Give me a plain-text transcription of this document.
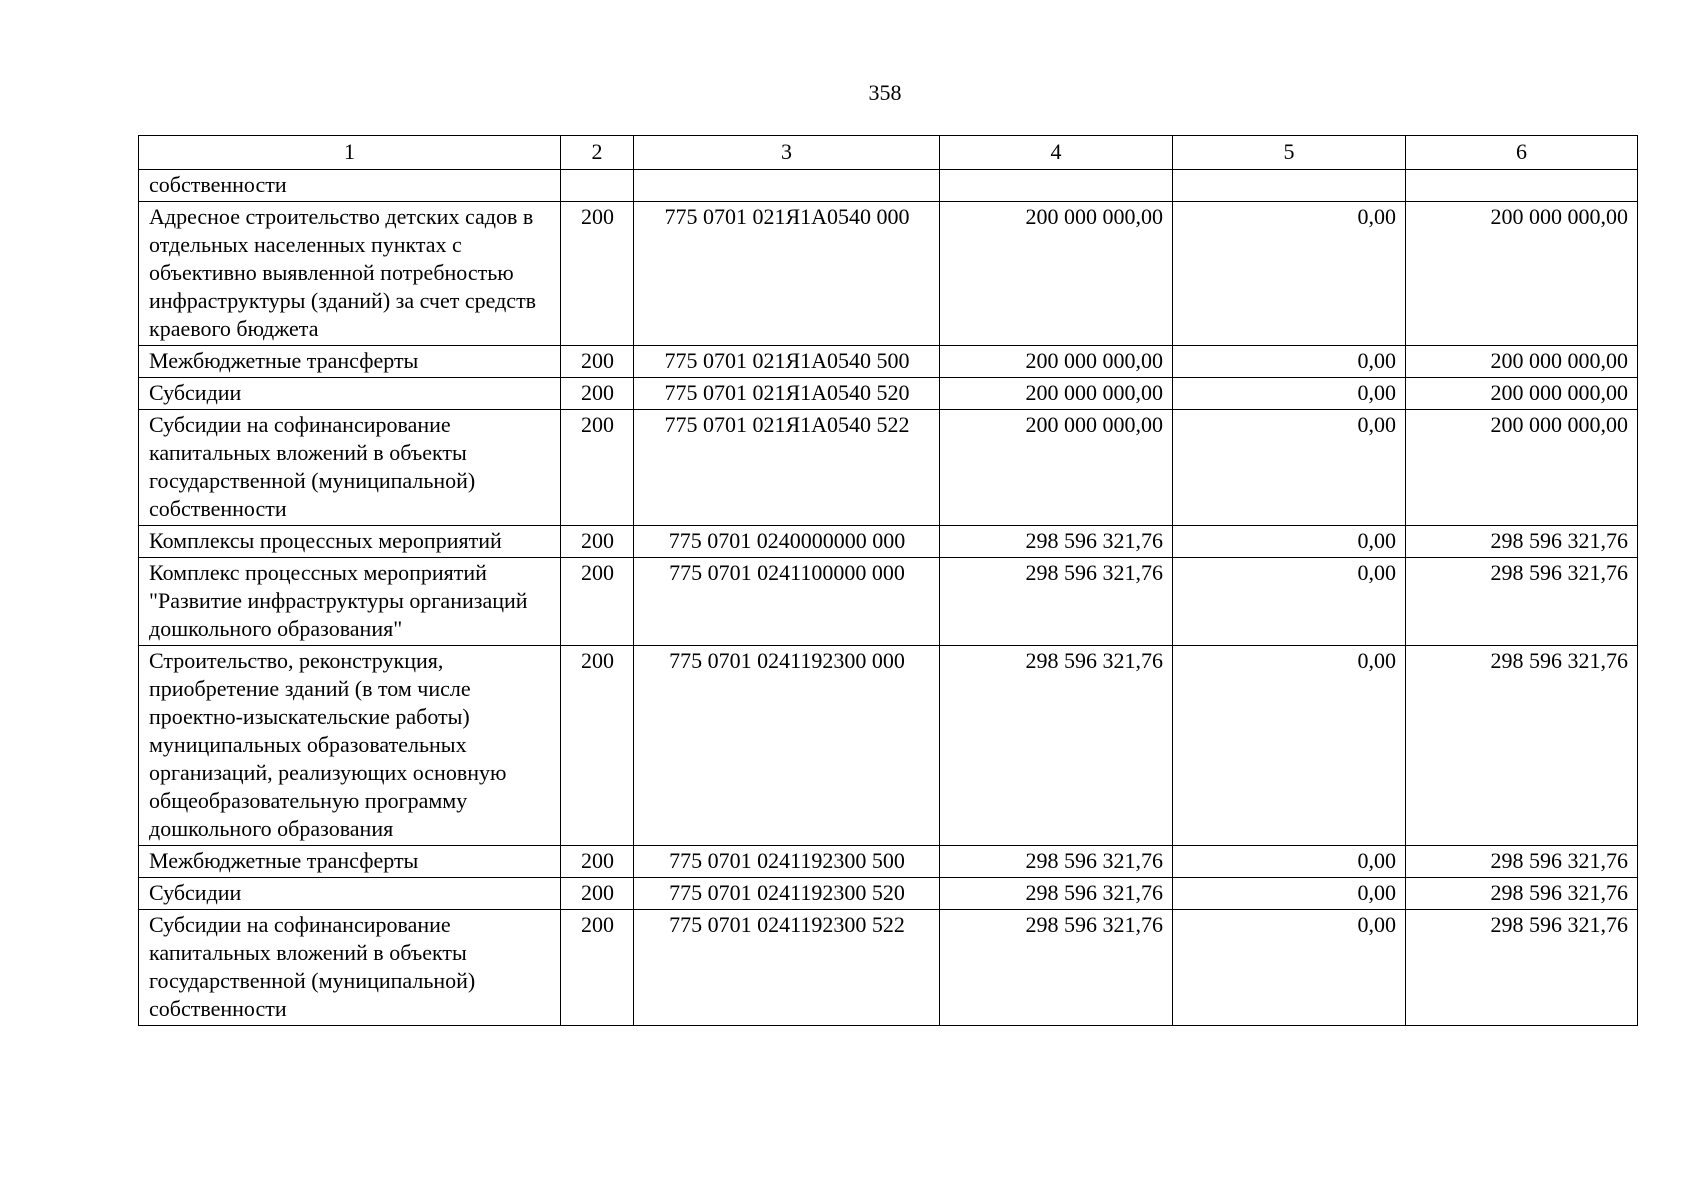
358
1	2	3	4	5	6
собственности					
Адресное строительство детских садов в отдельных населенных пунктах с объективно выявленной потребностью инфраструктуры (зданий) за счет средств краевого бюджета	200	775 0701 021Я1А0540 000	200 000 000,00	0,00	200 000 000,00
Межбюджетные трансферты	200	775 0701 021Я1А0540 500	200 000 000,00	0,00	200 000 000,00
Субсидии	200	775 0701 021Я1А0540 520	200 000 000,00	0,00	200 000 000,00
Субсидии на софинансирование капитальных вложений в объекты государственной (муниципальной) собственности	200	775 0701 021Я1А0540 522	200 000 000,00	0,00	200 000 000,00
Комплексы процессных мероприятий	200	775 0701 0240000000 000	298 596 321,76	0,00	298 596 321,76
Комплекс процессных мероприятий "Развитие инфраструктуры организаций дошкольного образования"	200	775 0701 0241100000 000	298 596 321,76	0,00	298 596 321,76
Строительство, реконструкция, приобретение зданий (в том числе проектно-изыскательские работы) муниципальных образовательных организаций, реализующих основную общеобразовательную программу дошкольного образования	200	775 0701 0241192300 000	298 596 321,76	0,00	298 596 321,76
Межбюджетные трансферты	200	775 0701 0241192300 500	298 596 321,76	0,00	298 596 321,76
Субсидии	200	775 0701 0241192300 520	298 596 321,76	0,00	298 596 321,76
Субсидии на софинансирование капитальных вложений в объекты государственной (муниципальной) собственности	200	775 0701 0241192300 522	298 596 321,76	0,00	298 596 321,76
